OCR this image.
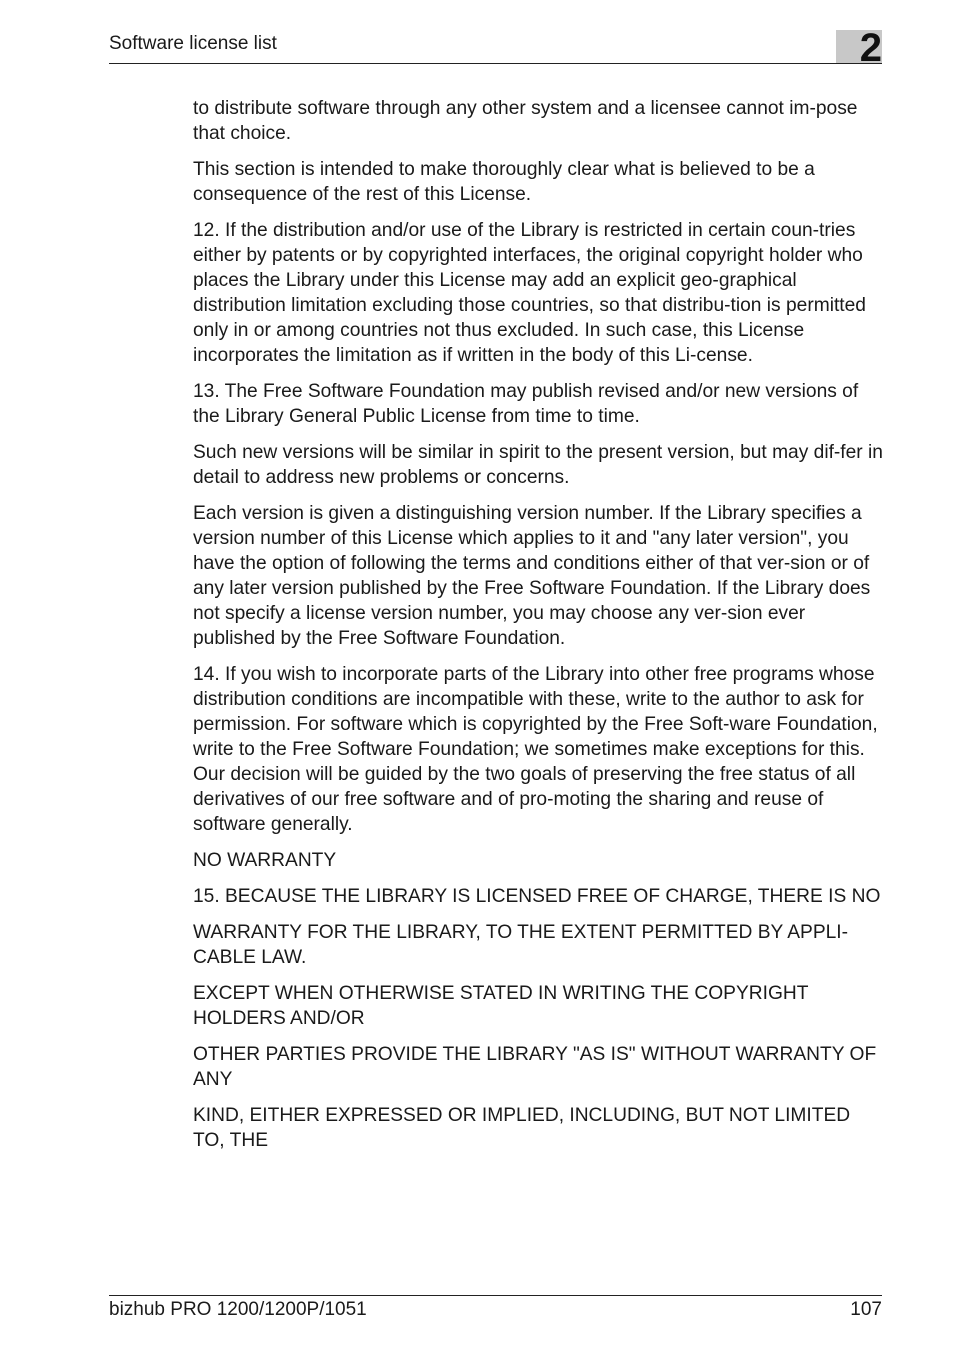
Software license list	2

to distribute software through any other system and a licensee cannot im-pose that choice.

This section is intended to make thoroughly clear what is believed to be a consequence of the rest of this License.

12. If the distribution and/or use of the Library is restricted in certain coun-tries either by patents or by copyrighted interfaces, the original copyright holder who places the Library under this License may add an explicit geo-graphical distribution limitation excluding those countries, so that distribu-tion is permitted only in or among countries not thus excluded. In such case, this License incorporates the limitation as if written in the body of this Li-cense.

13. The Free Software Foundation may publish revised and/or new versions of the Library General Public License from time to time.

Such new versions will be similar in spirit to the present version, but may dif-fer in detail to address new problems or concerns.

Each version is given a distinguishing version number. If the Library specifies a version number of this License which applies to it and "any later version", you have the option of following the terms and conditions either of that ver-sion or of any later version published by the Free Software Foundation. If the Library does not specify a license version number, you may choose any ver-sion ever published by the Free Software Foundation.

14. If you wish to incorporate parts of the Library into other free programs whose distribution conditions are incompatible with these, write to the author to ask for permission. For software which is copyrighted by the Free Soft-ware Foundation, write to the Free Software Foundation; we sometimes make exceptions for this. Our decision will be guided by the two goals of preserving the free status of all derivatives of our free software and of pro-moting the sharing and reuse of software generally.

NO WARRANTY

15. BECAUSE THE LIBRARY IS LICENSED FREE OF CHARGE, THERE IS NO

WARRANTY FOR THE LIBRARY, TO THE EXTENT PERMITTED BY APPLI-CABLE LAW.

EXCEPT WHEN OTHERWISE STATED IN WRITING THE COPYRIGHT HOLDERS AND/OR

OTHER PARTIES PROVIDE THE LIBRARY "AS IS" WITHOUT WARRANTY OF ANY

KIND, EITHER EXPRESSED OR IMPLIED, INCLUDING, BUT NOT LIMITED TO, THE

bizhub PRO 1200/1200P/1051	107
